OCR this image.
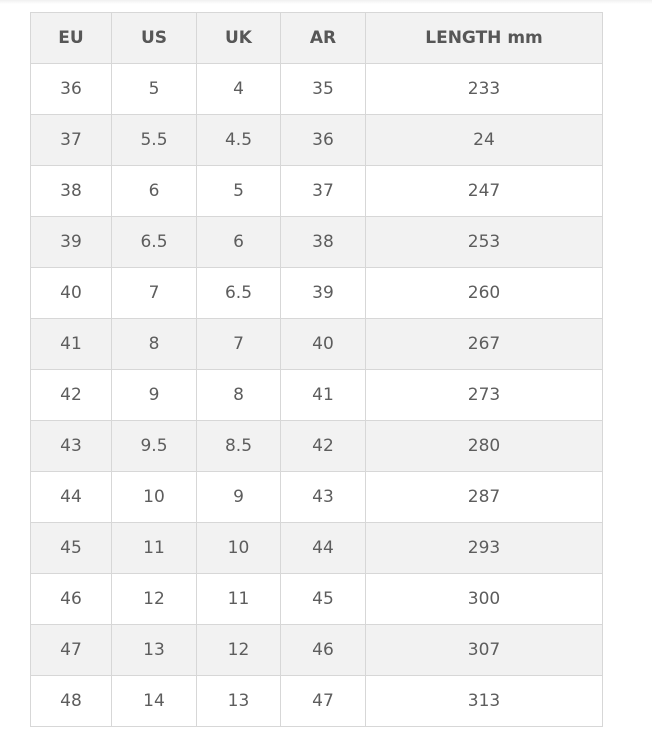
EU	US	UK	AR	LENGTH mm
36	5	4	35	233
37	5.5	4.5	36	24
38	6	5	37	247
39	6.5	6	38	253
40	7	6.5	39	260
41	8	7	40	267
42	9	8	41	273
43	9.5	8.5	42	280
44	10	9	43	287
45	11	10	44	293
46	12	11	45	300
47	13	12	46	307
48	14	13	47	313
